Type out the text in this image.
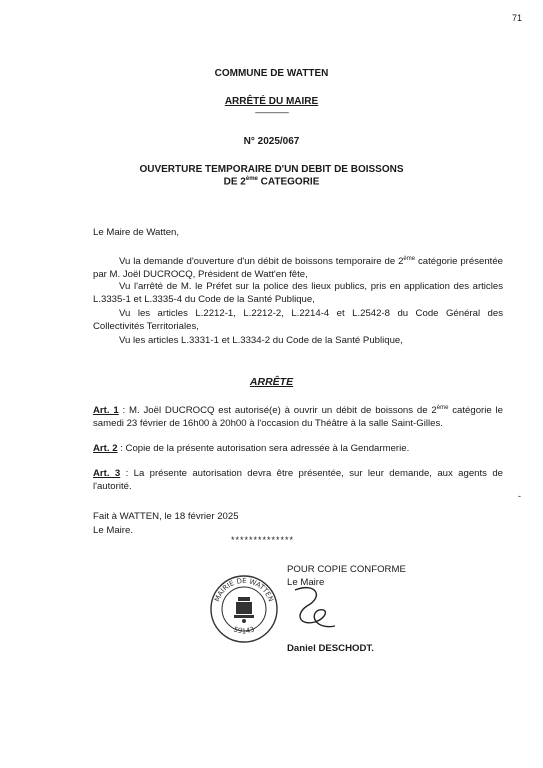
71
COMMUNE DE WATTEN
ARRÊTÉ DU MAIRE
--------------------
N° 2025/067
OUVERTURE TEMPORAIRE D'UN DEBIT DE BOISSONS
DE 2ème CATEGORIE
Le Maire de Watten,
Vu la demande d'ouverture d'un débit de boissons temporaire de 2ème catégorie présentée par M. Joël DUCROCQ, Président de Watt'en fête,
Vu l'arrêté de M. le Préfet sur la police des lieux publics, pris en application des articles L.3335-1 et L.3335-4 du Code de la Santé Publique,
Vu les articles L.2212-1, L.2212-2, L.2214-4 et L.2542-8 du Code Général des Collectivités Territoriales,
Vu les articles L.3331-1 et L.3334-2 du Code de la Santé Publique,
ARRÊTE
Art. 1 : M. Joël DUCROCQ est autorisé(e) à ouvrir un débit de boissons de 2ème catégorie le samedi 23 février de 16h00 à 20h00 à l'occasion du Théâtre à la salle Saint-Gilles.
Art. 2 : Copie de la présente autorisation sera adressée à la Gendarmerie.
Art. 3 : La présente autorisation devra être présentée, sur leur demande, aux agents de l'autorité.
-
Fait à WATTEN, le 18 février 2025
Le Maire.
**************
POUR COPIE CONFORME
Le Maire
MAIRIE DE WATTEN
59143
Daniel DESCHODT.
